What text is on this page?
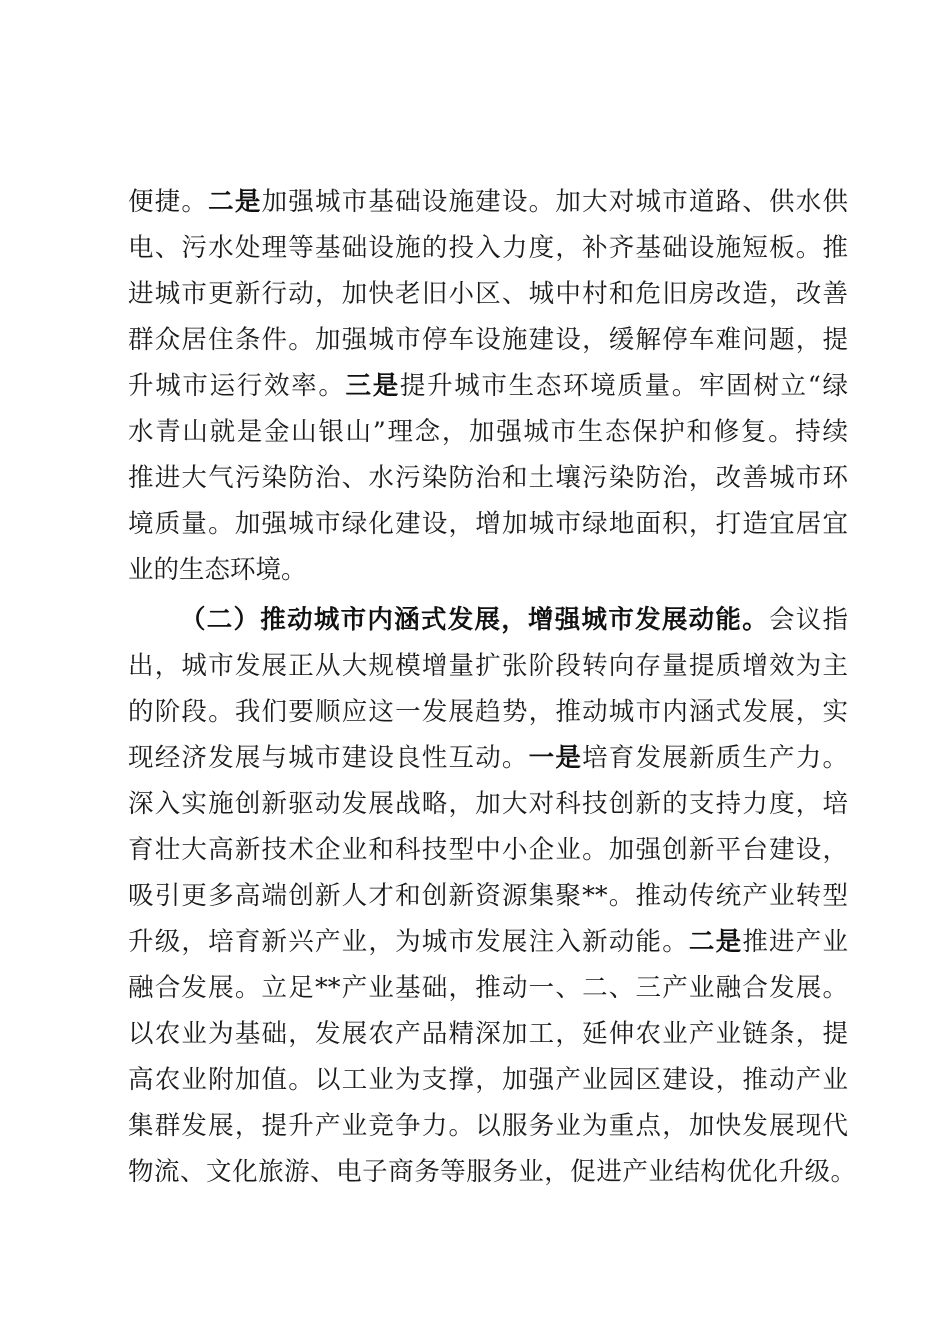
便捷。二是加强城市基础设施建设。加大对城市道路、供水供
电、污水处理等基础设施的投入力度，补齐基础设施短板。推
进城市更新行动，加快老旧小区、城中村和危旧房改造，改善
群众居住条件。加强城市停车设施建设，缓解停车难问题，提
升城市运行效率。三是提升城市生态环境质量。牢固树立“绿
水青山就是金山银山”理念，加强城市生态保护和修复。持续
推进大气污染防治、水污染防治和土壤污染防治，改善城市环
境质量。加强城市绿化建设，增加城市绿地面积，打造宜居宜
业的生态环境。
（二）推动城市内涵式发展，增强城市发展动能。会议指
出，城市发展正从大规模增量扩张阶段转向存量提质增效为主
的阶段。我们要顺应这一发展趋势，推动城市内涵式发展，实
现经济发展与城市建设良性互动。一是培育发展新质生产力。
深入实施创新驱动发展战略，加大对科技创新的支持力度，培
育壮大高新技术企业和科技型中小企业。加强创新平台建设，
吸引更多高端创新人才和创新资源集聚**。推动传统产业转型
升级，培育新兴产业，为城市发展注入新动能。二是推进产业
融合发展。立足**产业基础，推动一、二、三产业融合发展。
以农业为基础，发展农产品精深加工，延伸农业产业链条，提
高农业附加值。以工业为支撑，加强产业园区建设，推动产业
集群发展，提升产业竞争力。以服务业为重点，加快发展现代
物流、文化旅游、电子商务等服务业，促进产业结构优化升级。
